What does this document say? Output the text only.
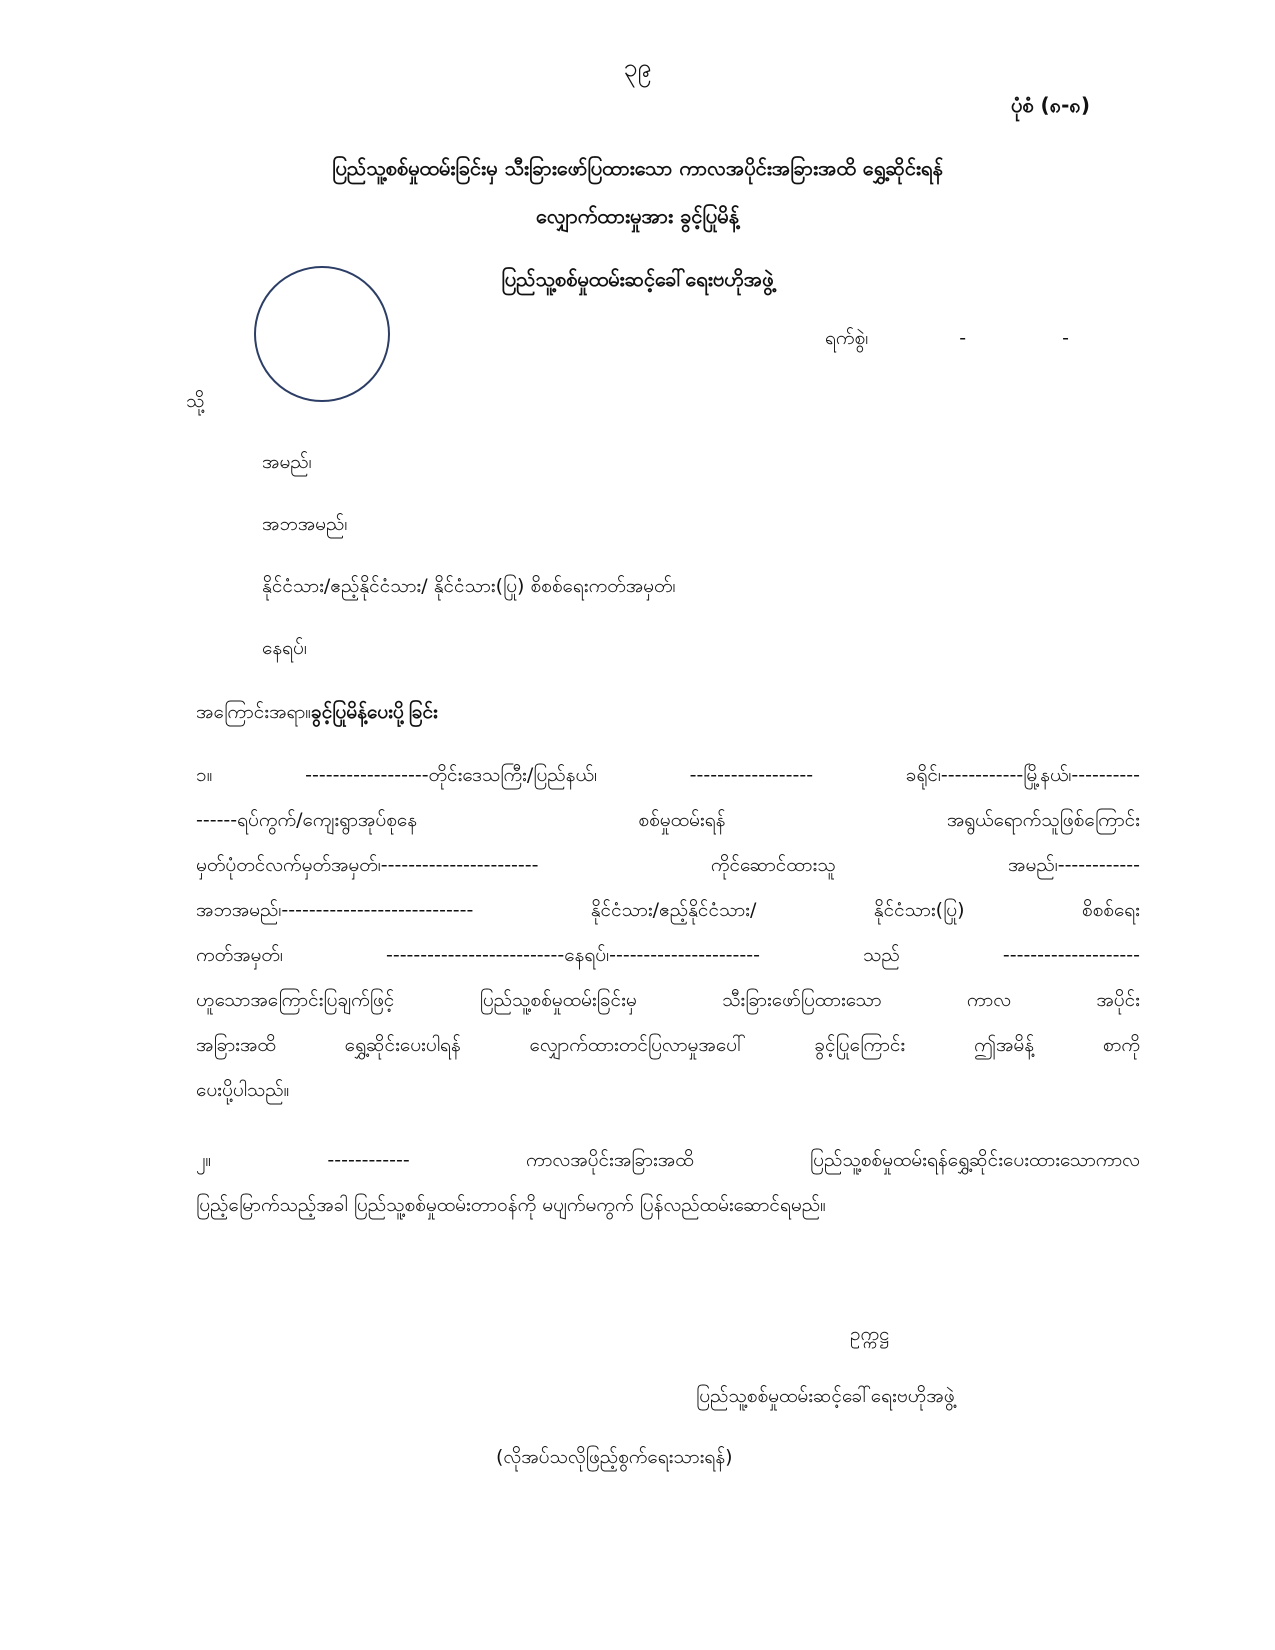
၃၉
ပုံစံ (၈-၈)
ပြည်သူ့စစ်မှုထမ်းခြင်းမှ သီးခြားဖော်ပြထားသော ကာလအပိုင်းအခြားအထိ ရွှေ့ဆိုင်းရန်
လျှောက်ထားမှုအား ခွင့်ပြုမိန့်
ပြည်သူ့စစ်မှုထမ်းဆင့်ခေါ်ရေးဗဟိုအဖွဲ့
ရက်စွဲ၊	-	-
သို့
အမည်၊
အဘအမည်၊
နိုင်ငံသား/ဧည့်နိုင်ငံသား/ နိုင်ငံသား(ပြု) စိစစ်ရေးကတ်အမှတ်၊
နေရပ်၊
အကြောင်းအရာ။ခွင့်ပြုမိန့်ပေးပို့ခြင်း

၁။ ------------------တိုင်းဒေသကြီး/ပြည်နယ်၊ ------------------ ခရိုင်၊------------မြို့နယ်၊----------

------ရပ်ကွက်/ကျေးရွာအုပ်စုနေ စစ်မှုထမ်းရန် အရွယ်ရောက်သူဖြစ်ကြောင်း

မှတ်ပုံတင်လက်မှတ်အမှတ်၊----------------------- ကိုင်ဆောင်ထားသူ အမည်၊------------

အဘအမည်၊---------------------------- နိုင်ငံသား/ဧည့်နိုင်ငံသား/ နိုင်ငံသား(ပြု) စိစစ်ရေး

ကတ်အမှတ်၊ --------------------------နေရပ်၊---------------------- သည် --------------------

ဟူသောအကြောင်းပြချက်ဖြင့် ပြည်သူ့စစ်မှုထမ်းခြင်းမှ သီးခြားဖော်ပြထားသော ကာလ အပိုင်း

အခြားအထိ ရွှေ့ဆိုင်းပေးပါရန် လျှောက်ထားတင်ပြလာမှုအပေါ် ခွင့်ပြုကြောင်း ဤအမိန့် စာကို

ပေးပို့ပါသည်။

၂။ ------------ ကာလအပိုင်းအခြားအထိ ပြည်သူ့စစ်မှုထမ်းရန်ရွှေ့ဆိုင်းပေးထားသောကာလ

ပြည့်မြောက်သည့်အခါ ပြည်သူ့စစ်မှုထမ်းတာဝန်ကို မပျက်မကွက် ပြန်လည်ထမ်းဆောင်ရမည်။

ဥက္ကဋ္ဌ
ပြည်သူ့စစ်မှုထမ်းဆင့်ခေါ်ရေးဗဟိုအဖွဲ့
(လိုအပ်သလိုဖြည့်စွက်ရေးသားရန်)
